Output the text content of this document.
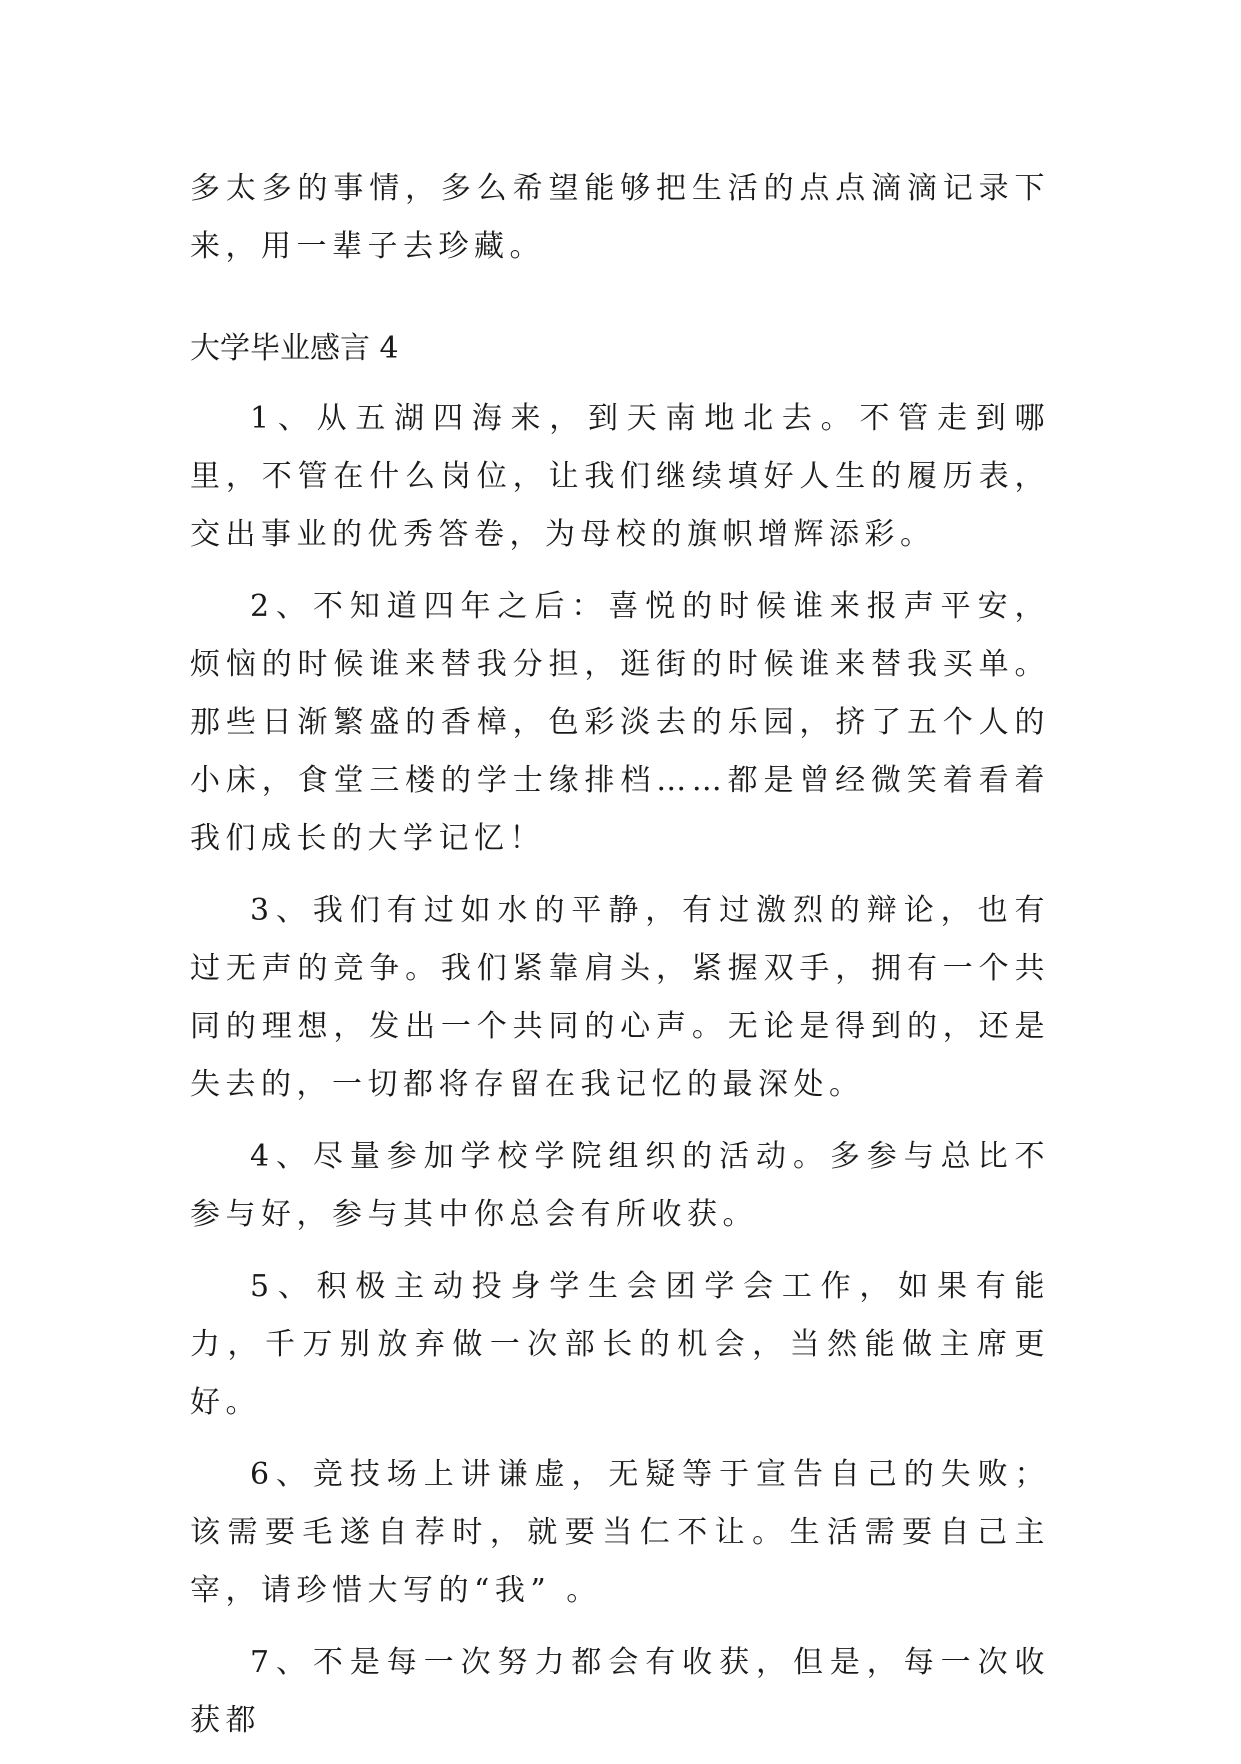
多太多的事情，多么希望能够把生活的点点滴滴记录下来，用一辈子去珍藏。

大学毕业感言 4

1、从五湖四海来，到天南地北去。不管走到哪里，不管在什么岗位，让我们继续填好人生的履历表，交出事业的优秀答卷，为母校的旗帜增辉添彩。

2、不知道四年之后：喜悦的时候谁来报声平安，烦恼的时候谁来替我分担，逛街的时候谁来替我买单。那些日渐繁盛的香樟，色彩淡去的乐园，挤了五个人的小床，食堂三楼的学士缘排档……都是曾经微笑着看着我们成长的大学记忆！

3、我们有过如水的平静，有过激烈的辩论，也有过无声的竞争。我们紧靠肩头，紧握双手，拥有一个共同的理想，发出一个共同的心声。无论是得到的，还是失去的，一切都将存留在我记忆的最深处。

4、尽量参加学校学院组织的活动。多参与总比不参与好，参与其中你总会有所收获。

5、积极主动投身学生会团学会工作，如果有能力，千万别放弃做一次部长的机会，当然能做主席更好。

6、竞技场上讲谦虚，无疑等于宣告自己的失败；该需要毛遂自荐时，就要当仁不让。生活需要自己主宰，请珍惜大写的“我” 。

7、不是每一次努力都会有收获，但是，每一次收获都
